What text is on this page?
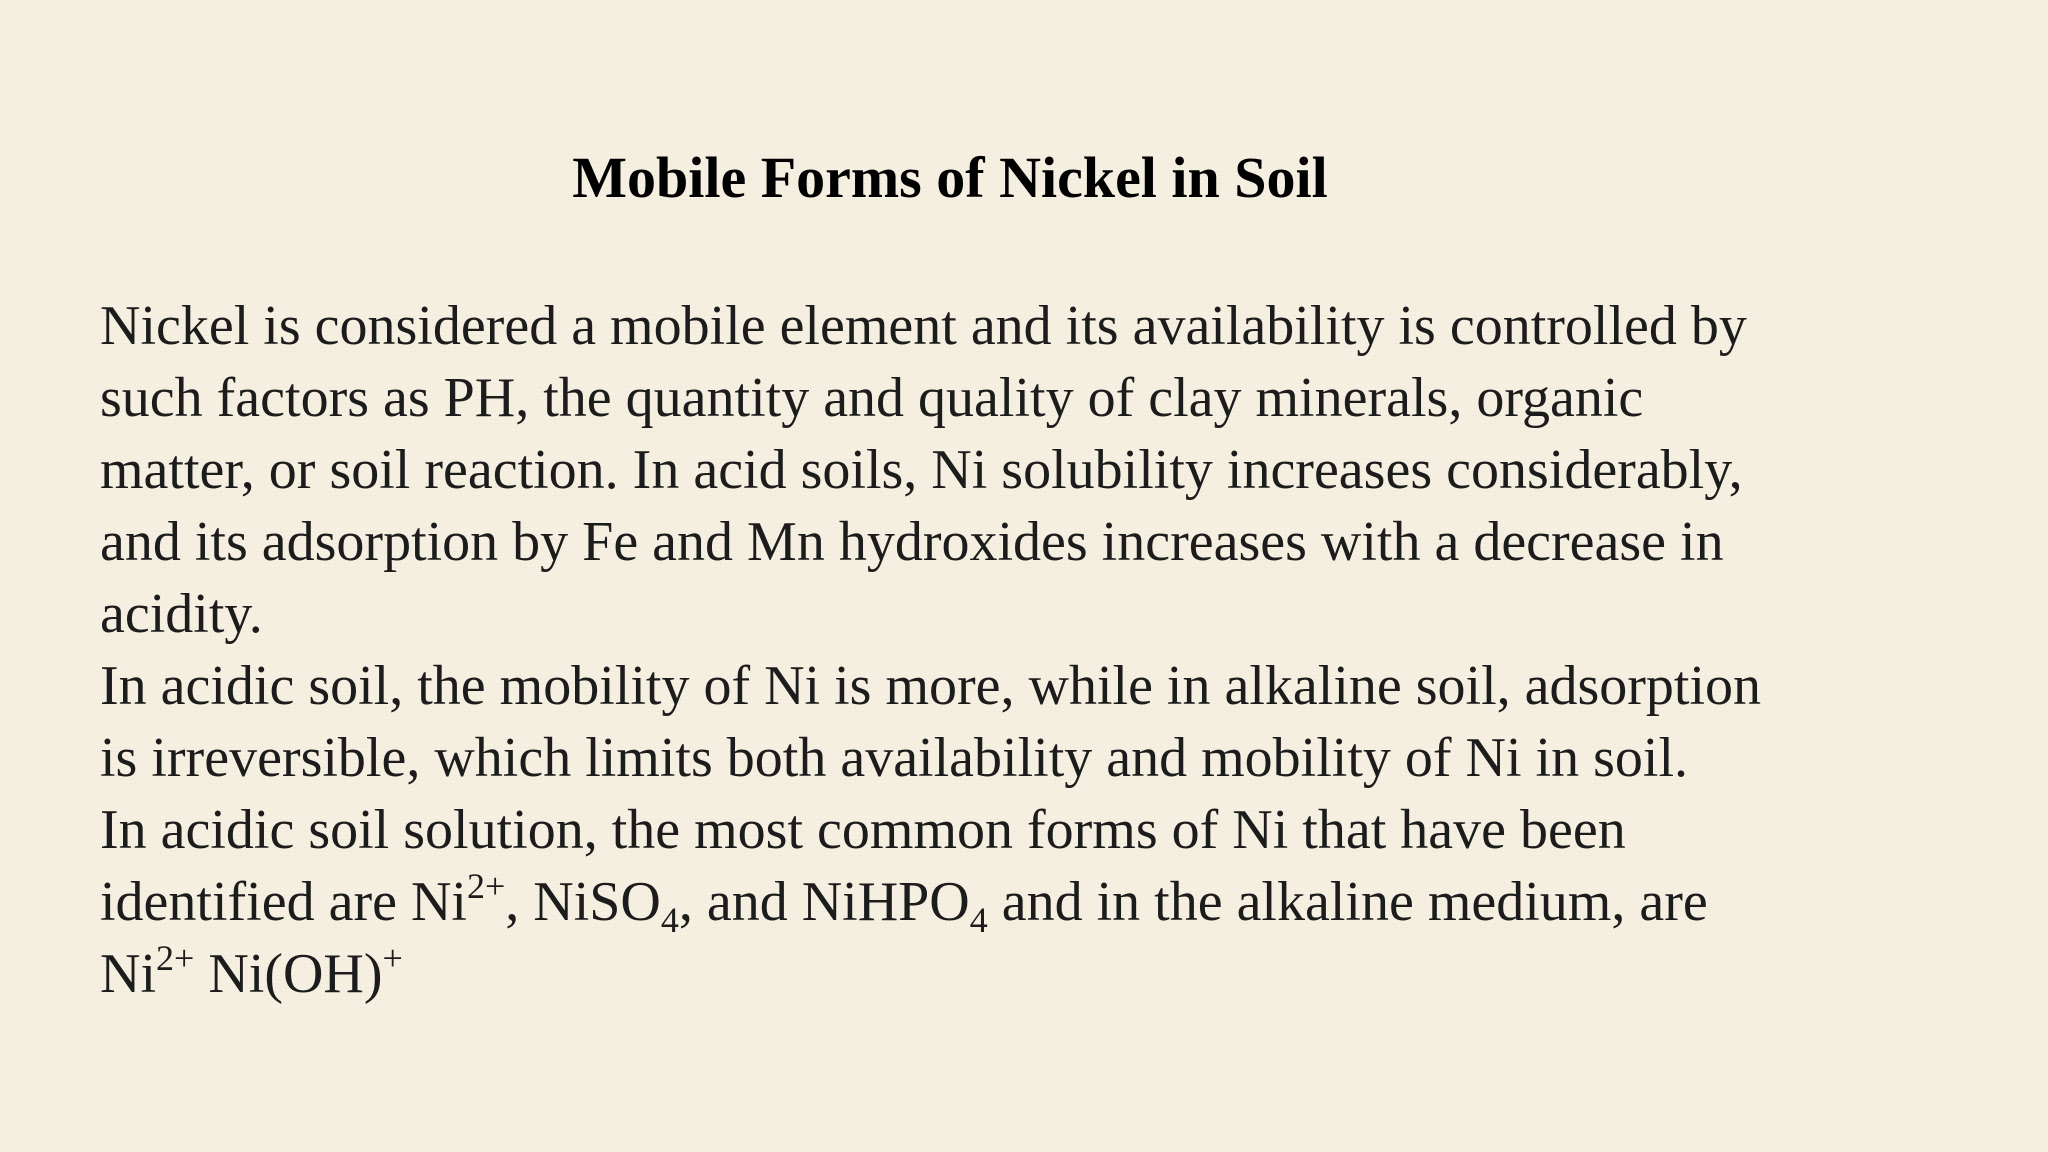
Mobile Forms of Nickel in Soil
Nickel is considered a mobile element and its availability is controlled by
such factors as PH, the quantity and quality of clay minerals, organic
matter, or soil reaction. In acid soils, Ni solubility increases considerably,
and its adsorption by Fe and Mn hydroxides increases with a decrease in
acidity.
In acidic soil, the mobility of Ni is more, while in alkaline soil, adsorption
is irreversible, which limits both availability and mobility of Ni in soil.
In acidic soil solution, the most common forms of Ni that have been
identified are $Ni^{2+}$, NiSO$_4$, and NiHPO$_4$ and in the alkaline medium, are
$Ni^{2+}$ Ni(OH)+
